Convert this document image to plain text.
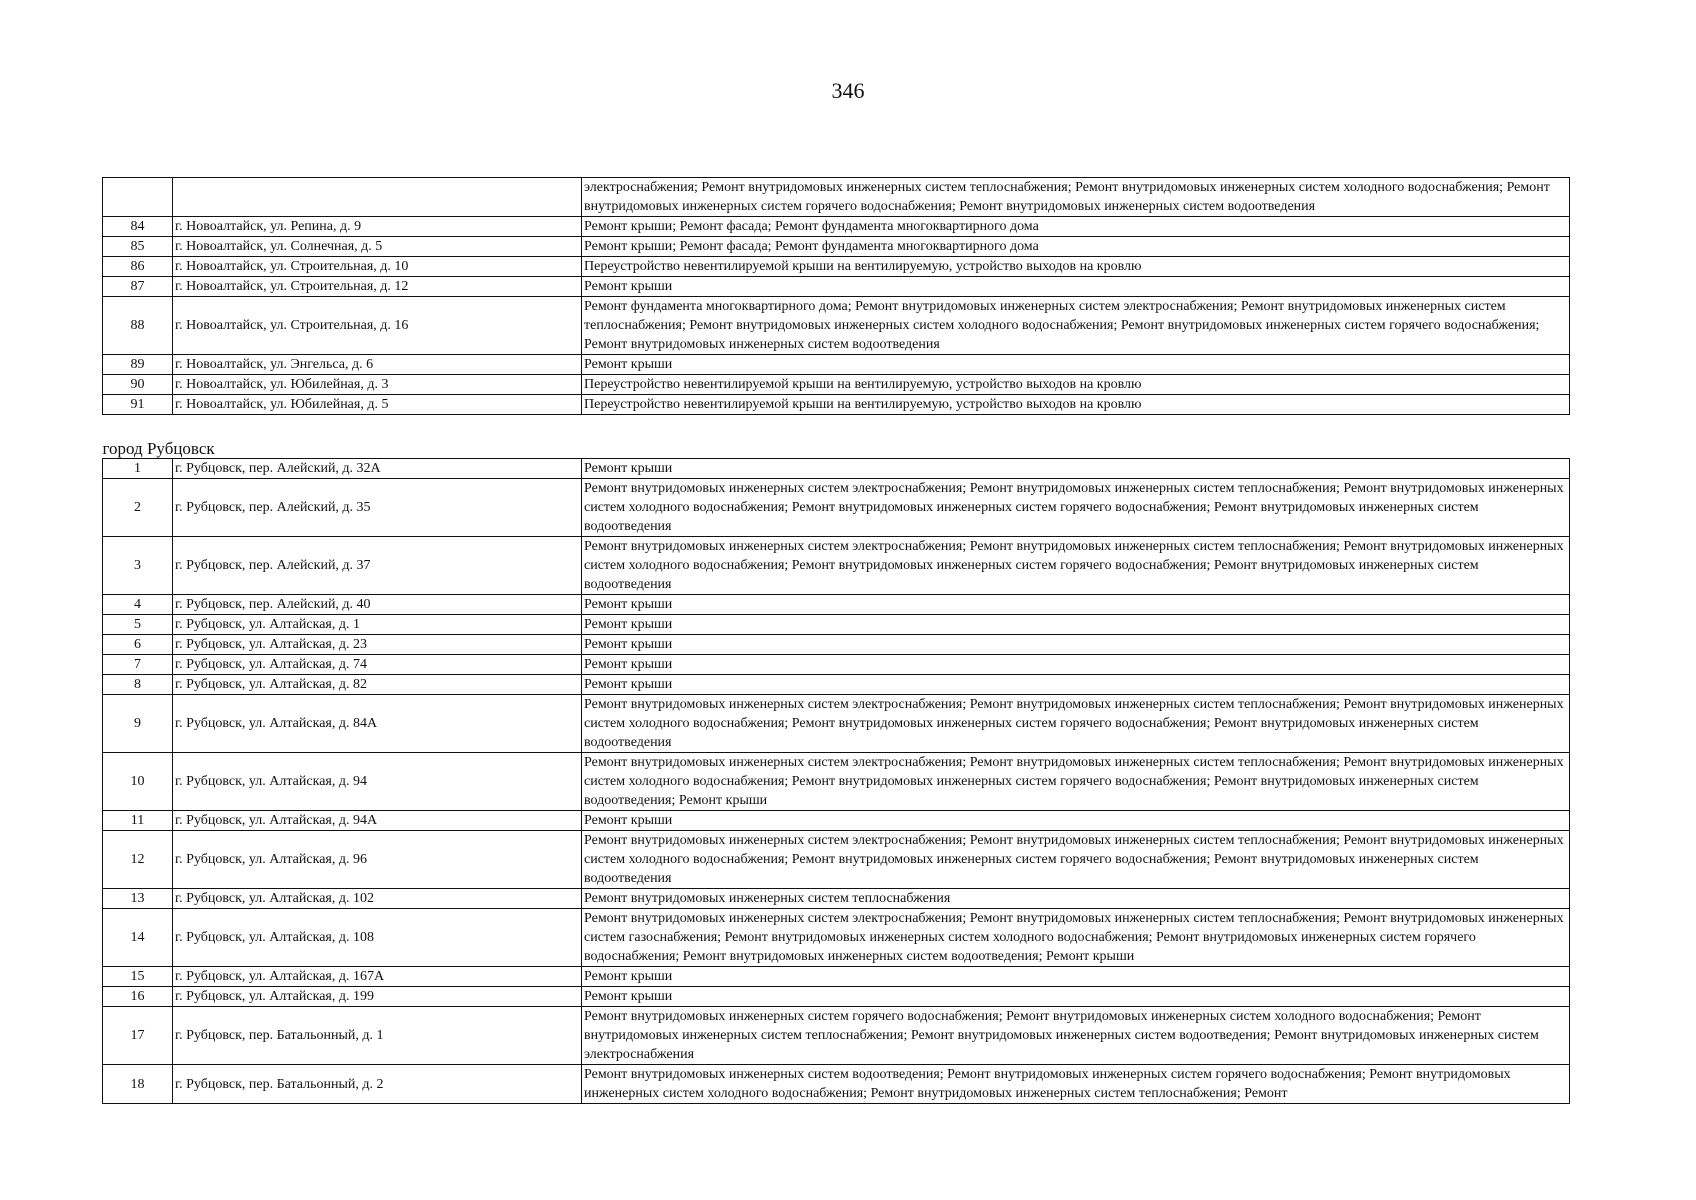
346
		электроснабжения; Ремонт внутридомовых инженерных систем теплоснабжения; Ремонт внутридомовых инженерных систем холодного водоснабжения; Ремонт внутридомовых инженерных систем горячего водоснабжения; Ремонт внутридомовых инженерных систем водоотведения
84	г. Новоалтайск, ул. Репина, д. 9	Ремонт крыши; Ремонт фасада; Ремонт фундамента многоквартирного дома
85	г. Новоалтайск, ул. Солнечная, д. 5	Ремонт крыши; Ремонт фасада; Ремонт фундамента многоквартирного дома
86	г. Новоалтайск, ул. Строительная, д. 10	Переустройство невентилируемой крыши на вентилируемую, устройство выходов на кровлю
87	г. Новоалтайск, ул. Строительная, д. 12	Ремонт крыши
88	г. Новоалтайск, ул. Строительная, д. 16	Ремонт фундамента многоквартирного дома; Ремонт внутридомовых инженерных систем электроснабжения; Ремонт внутридомовых инженерных систем теплоснабжения; Ремонт внутридомовых инженерных систем холодного водоснабжения; Ремонт внутридомовых инженерных систем горячего водоснабжения; Ремонт внутридомовых инженерных систем водоотведения
89	г. Новоалтайск, ул. Энгельса, д. 6	Ремонт крыши
90	г. Новоалтайск, ул. Юбилейная, д. 3	Переустройство невентилируемой крыши на вентилируемую, устройство выходов на кровлю
91	г. Новоалтайск, ул. Юбилейная, д. 5	Переустройство невентилируемой крыши на вентилируемую, устройство выходов на кровлю

город Рубцовск		
1	г. Рубцовск, пер. Алейский, д. 32А	Ремонт крыши
2	г. Рубцовск, пер. Алейский, д. 35	Ремонт внутридомовых инженерных систем электроснабжения; Ремонт внутридомовых инженерных систем теплоснабжения; Ремонт внутридомовых инженерных систем холодного водоснабжения; Ремонт внутридомовых инженерных систем горячего водоснабжения; Ремонт внутридомовых инженерных систем водоотведения
3	г. Рубцовск, пер. Алейский, д. 37	Ремонт внутридомовых инженерных систем электроснабжения; Ремонт внутридомовых инженерных систем теплоснабжения; Ремонт внутридомовых инженерных систем холодного водоснабжения; Ремонт внутридомовых инженерных систем горячего водоснабжения; Ремонт внутридомовых инженерных систем водоотведения
4	г. Рубцовск, пер. Алейский, д. 40	Ремонт крыши
5	г. Рубцовск, ул. Алтайская, д. 1	Ремонт крыши
6	г. Рубцовск, ул. Алтайская, д. 23	Ремонт крыши
7	г. Рубцовск, ул. Алтайская, д. 74	Ремонт крыши
8	г. Рубцовск, ул. Алтайская, д. 82	Ремонт крыши
9	г. Рубцовск, ул. Алтайская, д. 84А	Ремонт внутридомовых инженерных систем электроснабжения; Ремонт внутридомовых инженерных систем теплоснабжения; Ремонт внутридомовых инженерных систем холодного водоснабжения; Ремонт внутридомовых инженерных систем горячего водоснабжения; Ремонт внутридомовых инженерных систем водоотведения
10	г. Рубцовск, ул. Алтайская, д. 94	Ремонт внутридомовых инженерных систем электроснабжения; Ремонт внутридомовых инженерных систем теплоснабжения; Ремонт внутридомовых инженерных систем холодного водоснабжения; Ремонт внутридомовых инженерных систем горячего водоснабжения; Ремонт внутридомовых инженерных систем водоотведения; Ремонт крыши
11	г. Рубцовск, ул. Алтайская, д. 94А	Ремонт крыши
12	г. Рубцовск, ул. Алтайская, д. 96	Ремонт внутридомовых инженерных систем электроснабжения; Ремонт внутридомовых инженерных систем теплоснабжения; Ремонт внутридомовых инженерных систем холодного водоснабжения; Ремонт внутридомовых инженерных систем горячего водоснабжения; Ремонт внутридомовых инженерных систем водоотведения
13	г. Рубцовск, ул. Алтайская, д. 102	Ремонт внутридомовых инженерных систем теплоснабжения
14	г. Рубцовск, ул. Алтайская, д. 108	Ремонт внутридомовых инженерных систем электроснабжения; Ремонт внутридомовых инженерных систем теплоснабжения; Ремонт внутридомовых инженерных систем газоснабжения; Ремонт внутридомовых инженерных систем холодного водоснабжения; Ремонт внутридомовых инженерных систем горячего водоснабжения; Ремонт внутридомовых инженерных систем водоотведения; Ремонт крыши
15	г. Рубцовск, ул. Алтайская, д. 167А	Ремонт крыши
16	г. Рубцовск, ул. Алтайская, д. 199	Ремонт крыши
17	г. Рубцовск, пер. Батальонный, д. 1	Ремонт внутридомовых инженерных систем горячего водоснабжения; Ремонт внутридомовых инженерных систем холодного водоснабжения; Ремонт внутридомовых инженерных систем теплоснабжения; Ремонт внутридомовых инженерных систем водоотведения; Ремонт внутридомовых инженерных систем электроснабжения
18	г. Рубцовск, пер. Батальонный, д. 2	Ремонт внутридомовых инженерных систем водоотведения; Ремонт внутридомовых инженерных систем горячего водоснабжения; Ремонт внутридомовых инженерных систем холодного водоснабжения; Ремонт внутридомовых инженерных систем теплоснабжения; Ремонт
